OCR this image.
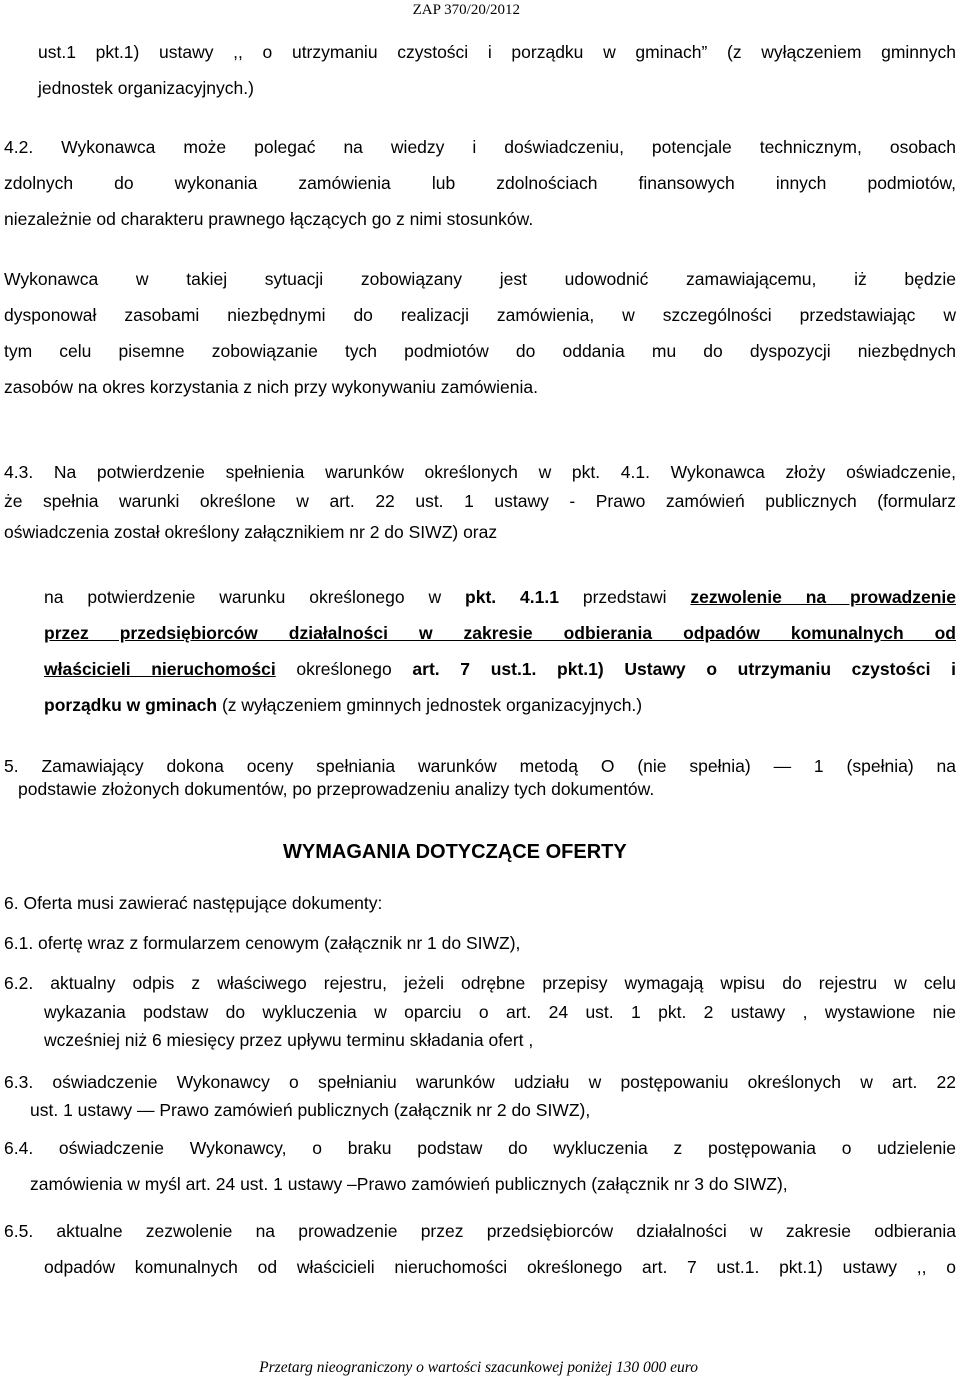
ZAP 370/20/2012
ust.1 pkt.1) ustawy ,, o utrzymaniu czystości i porządku w gminach” (z wyłączeniem gminnych
jednostek organizacyjnych.)
4.2. Wykonawca może polegać na wiedzy i doświadczeniu, potencjale technicznym, osobach
zdolnych do wykonania zamówienia lub zdolnościach finansowych innych podmiotów,
niezależnie od charakteru prawnego łączących go z nimi stosunków.
Wykonawca w takiej sytuacji zobowiązany jest udowodnić zamawiającemu, iż będzie
dysponował zasobami niezbędnymi do realizacji zamówienia, w szczególności przedstawiając w
tym celu pisemne zobowiązanie tych podmiotów do oddania mu do dyspozycji niezbędnych
zasobów na okres korzystania z nich przy wykonywaniu zamówienia.
4.3. Na potwierdzenie spełnienia warunków określonych w pkt. 4.1. Wykonawca złoży oświadczenie,
że spełnia warunki określone w art. 22 ust. 1 ustawy - Prawo zamówień publicznych (formularz
oświadczenia został określony załącznikiem nr 2 do SIWZ) oraz
na potwierdzenie warunku określonego w pkt. 4.1.1 przedstawi zezwolenie na prowadzenie
przez przedsiębiorców działalności w zakresie odbierania odpadów komunalnych od
właścicieli nieruchomości określonego art. 7 ust.1. pkt.1) Ustawy o utrzymaniu czystości i
porządku w gminach (z wyłączeniem gminnych jednostek organizacyjnych.)
5. Zamawiający dokona oceny spełniania warunków metodą O (nie spełnia) — 1 (spełnia) na
podstawie złożonych dokumentów, po przeprowadzeniu analizy tych dokumentów.
WYMAGANIA DOTYCZĄCE OFERTY
6. Oferta musi zawierać następujące dokumenty:
6.1. ofertę wraz z formularzem cenowym (załącznik nr 1 do SIWZ),
6.2. aktualny odpis z właściwego rejestru, jeżeli odrębne przepisy wymagają wpisu do rejestru w celu
wykazania podstaw do wykluczenia w oparciu o art. 24 ust. 1 pkt. 2 ustawy , wystawione nie
wcześniej niż 6 miesięcy przez upływu terminu składania ofert ,
6.3. oświadczenie Wykonawcy o spełnianiu warunków udziału w postępowaniu określonych w art. 22
ust. 1 ustawy — Prawo zamówień publicznych (załącznik nr 2 do SIWZ),
6.4. oświadczenie Wykonawcy, o braku podstaw do wykluczenia z postępowania o udzielenie
zamówienia w myśl art. 24 ust. 1 ustawy –Prawo zamówień publicznych (załącznik nr 3 do SIWZ),
6.5. aktualne zezwolenie na prowadzenie przez przedsiębiorców działalności w zakresie odbierania
odpadów komunalnych od właścicieli nieruchomości określonego art. 7 ust.1. pkt.1) ustawy ,, o
Przetarg nieograniczony o wartości szacunkowej poniżej 130 000 euro
